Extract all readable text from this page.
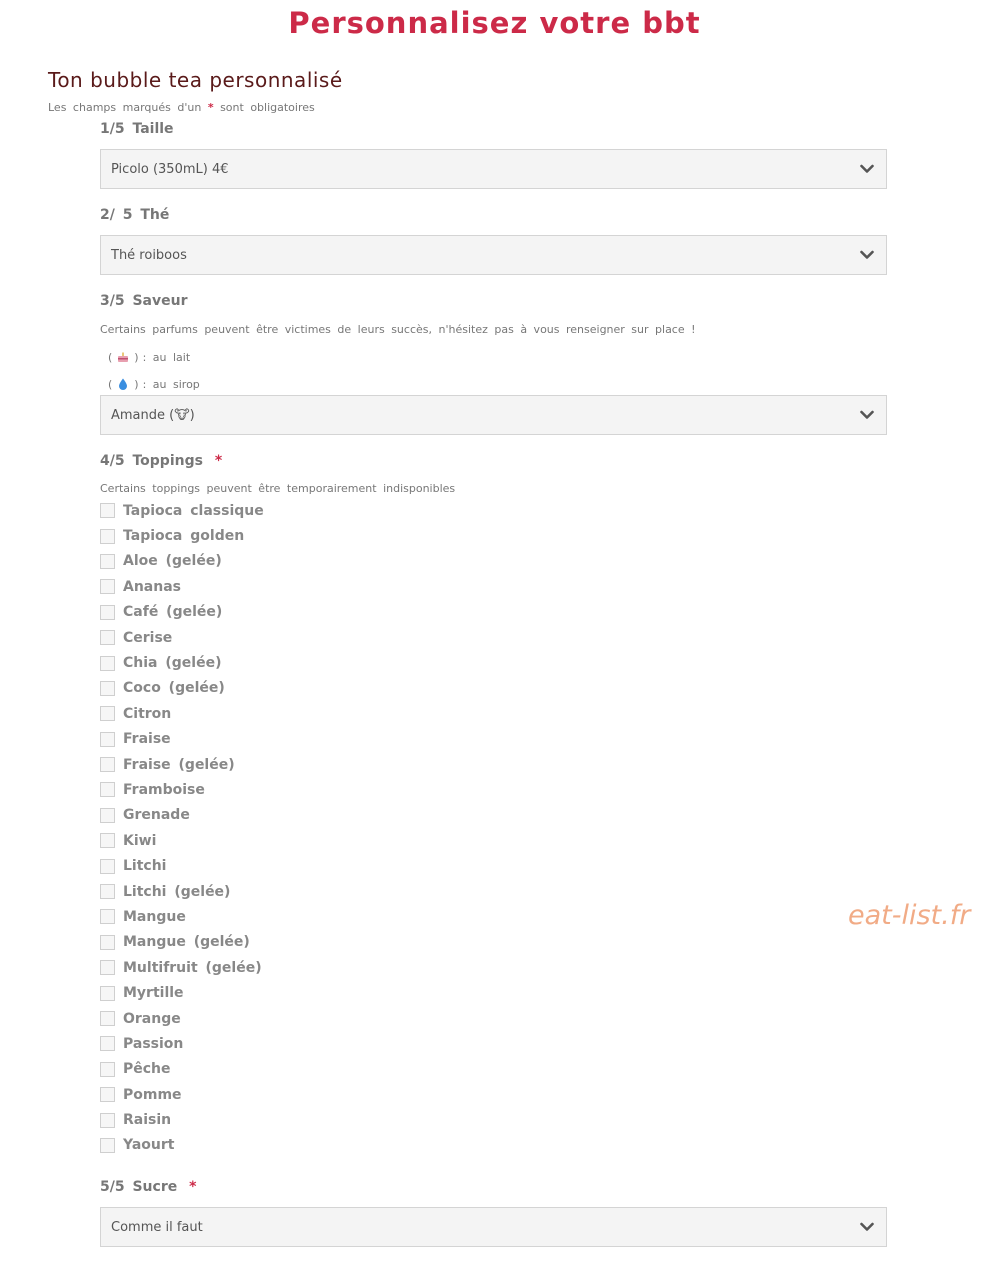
Personnalisez votre bbt
Ton bubble tea personnalisé
Les champs marqués d'un * sont obligatoires
1/5 Taille
Picolo (350mL) 4€
2/ 5 Thé
Thé roiboos
3/5 Saveur
Certains parfums peuvent être victimes de leurs succès, n'hésitez pas à vous renseigner sur place !
( ) : au lait
( ) : au sirop
Amande (🐮)
4/5 Toppings *
Certains toppings peuvent être temporairement indisponibles
Tapioca classique
Tapioca golden
Aloe (gelée)
Ananas
Café (gelée)
Cerise
Chia (gelée)
Coco (gelée)
Citron
Fraise
Fraise (gelée)
Framboise
Grenade
Kiwi
Litchi
Litchi (gelée)
Mangue
Mangue (gelée)
Multifruit (gelée)
Myrtille
Orange
Passion
Pêche
Pomme
Raisin
Yaourt
5/5 Sucre *
Comme il faut
eat-list.fr
